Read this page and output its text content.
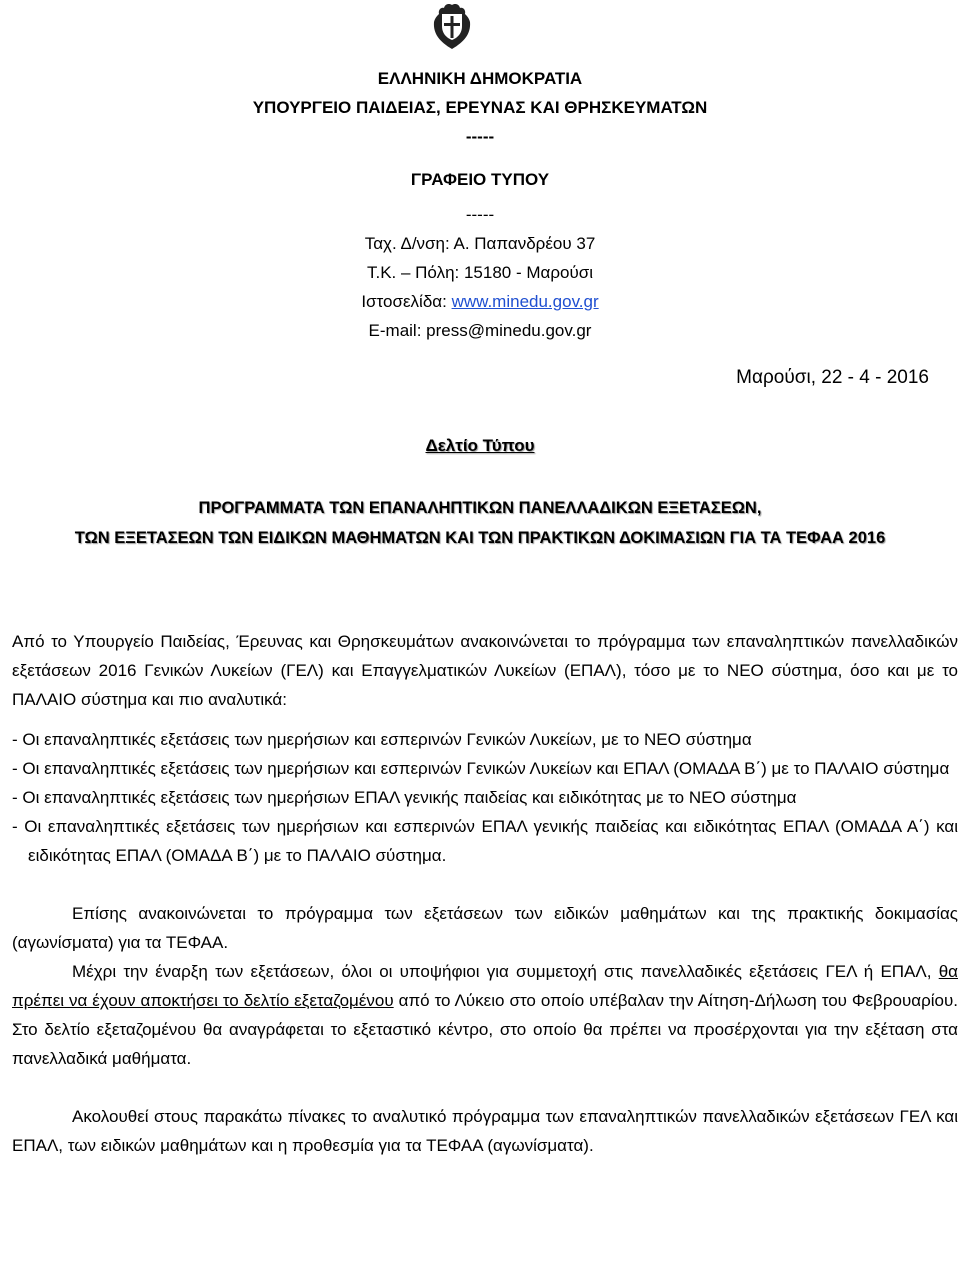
ΕΛΛΗΝΙΚΗ ΔΗΜΟΚΡΑΤΙΑ
ΥΠΟΥΡΓΕΙΟ ΠΑΙΔΕΙΑΣ, ΕΡΕΥΝΑΣ ΚΑΙ ΘΡΗΣΚΕΥΜΑΤΩΝ
-----
ΓΡΑΦΕΙΟ ΤΥΠΟΥ
-----
Ταχ. Δ/νση: Α. Παπανδρέου 37
Τ.Κ. – Πόλη: 15180 - Μαρούσι
Ιστοσελίδα: www.minedu.gov.gr
E-mail: press@minedu.gov.gr
Μαρούσι, 22 - 4 - 2016
Δελτίο Τύπου
ΠΡΟΓΡΑΜΜΑΤΑ ΤΩΝ ΕΠΑΝΑΛΗΠΤΙΚΩΝ ΠΑΝΕΛΛΑΔΙΚΩΝ ΕΞΕΤΑΣΕΩΝ,
ΤΩΝ ΕΞΕΤΑΣΕΩΝ ΤΩΝ ΕΙΔΙΚΩΝ ΜΑΘΗΜΑΤΩΝ ΚΑΙ ΤΩΝ ΠΡΑΚΤΙΚΩΝ ΔΟΚΙΜΑΣΙΩΝ ΓΙΑ ΤΑ ΤΕΦΑΑ 2016

Από το Υπουργείο Παιδείας, Έρευνας και Θρησκευμάτων ανακοινώνεται το πρόγραμμα των επαναληπτικών πανελλαδικών εξετάσεων 2016 Γενικών Λυκείων (ΓΕΛ) και Επαγγελματικών Λυκείων (ΕΠΑΛ), τόσο με το ΝΕΟ σύστημα, όσο και με το ΠΑΛΑΙΟ σύστημα και πιο αναλυτικά:

- Οι επαναληπτικές εξετάσεις των ημερήσιων και εσπερινών Γενικών Λυκείων, με το ΝΕΟ σύστημα

- Οι επαναληπτικές εξετάσεις των ημερήσιων και εσπερινών Γενικών Λυκείων και ΕΠΑΛ (ΟΜΑΔΑ Β΄) με το ΠΑΛΑΙΟ σύστημα

- Οι επαναληπτικές εξετάσεις των ημερήσιων ΕΠΑΛ γενικής παιδείας και ειδικότητας με το ΝΕΟ σύστημα

- Οι επαναληπτικές εξετάσεις των ημερήσιων και εσπερινών ΕΠΑΛ γενικής παιδείας και ειδικότητας ΕΠΑΛ (ΟΜΑΔΑ Α΄) και ειδικότητας ΕΠΑΛ (ΟΜΑΔΑ Β΄) με το ΠΑΛΑΙΟ σύστημα.

Επίσης ανακοινώνεται το πρόγραμμα των εξετάσεων των ειδικών μαθημάτων και της πρακτικής δοκιμασίας (αγωνίσματα) για τα ΤΕΦΑΑ.

Μέχρι την έναρξη των εξετάσεων, όλοι οι υποψήφιοι για συμμετοχή στις πανελλαδικές εξετάσεις ΓΕΛ ή ΕΠΑΛ, θα πρέπει να έχουν αποκτήσει το δελτίο εξεταζομένου από το Λύκειο στο οποίο υπέβαλαν την Αίτηση-Δήλωση του Φεβρουαρίου. Στο δελτίο εξεταζομένου θα αναγράφεται το εξεταστικό κέντρο, στο οποίο θα πρέπει να προσέρχονται για την εξέταση στα πανελλαδικά μαθήματα.

Ακολουθεί στους παρακάτω πίνακες το αναλυτικό πρόγραμμα των επαναληπτικών πανελλαδικών εξετάσεων ΓΕΛ και ΕΠΑΛ, των ειδικών μαθημάτων και η προθεσμία για τα ΤΕΦΑΑ (αγωνίσματα).
